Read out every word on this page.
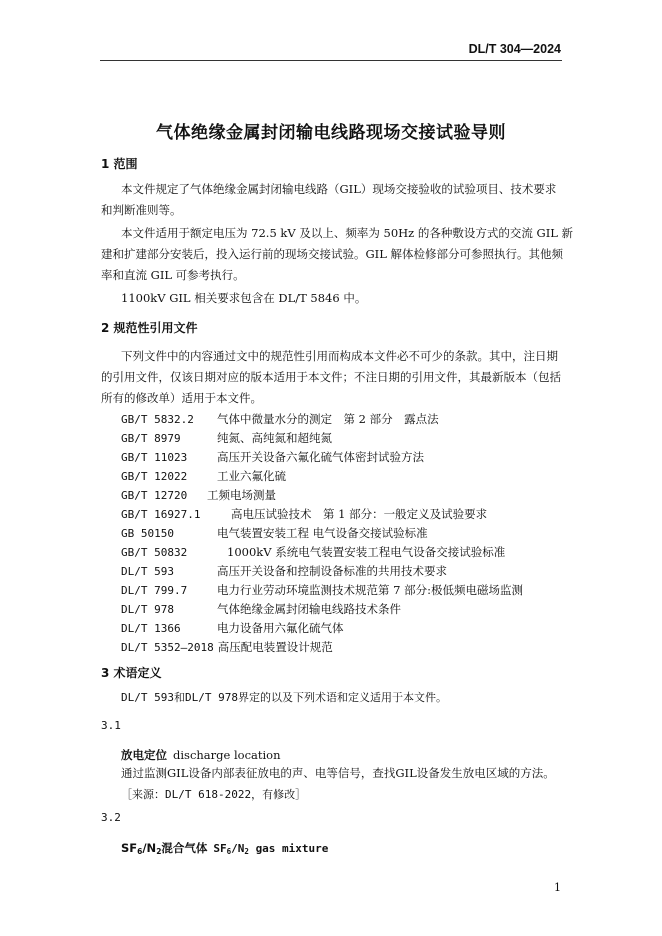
DL/T 304—2024
气体绝缘金属封闭输电线路现场交接试验导则
1 范围
本文件规定了气体绝缘金属封闭输电线路（GIL）现场交接验收的试验项目、技术要求
和判断准则等。
本文件适用于额定电压为 72.5 kV 及以上、频率为 50Hz 的各种敷设方式的交流 GIL 新
建和扩建部分安装后，投入运行前的现场交接试验。GIL 解体检修部分可参照执行。其他频
率和直流 GIL 可参考执行。
1100kV GIL 相关要求包含在 DL/T 5846 中。
2 规范性引用文件
下列文件中的内容通过文中的规范性引用而构成本文件必不可少的条款。其中，注日期
的引用文件，仅该日期对应的版本适用于本文件；不注日期的引用文件，其最新版本（包括
所有的修改单）适用于本文件。
GB/T 5832.2 气体中微量水分的测定　第 2 部分　露点法
GB/T 8979	纯氮、高纯氮和超纯氮
GB/T 11023	高压开关设备六氟化硫气体密封试验方法
GB/T 12022	工业六氟化硫
GB/T 12720 工频电场测量
GB/T 16927.1	高电压试验技术　第 1 部分：一般定义及试验要求
GB 50150	电气装置安装工程 电气设备交接试验标准
GB/T 50832	1000kV 系统电气装置安装工程电气设备交接试验标准
DL/T 593	高压开关设备和控制设备标准的共用技术要求
DL/T 799.7	电力行业劳动环境监测技术规范第 7 部分:极低频电磁场监测
DL/T 978	气体绝缘金属封闭输电线路技术条件
DL/T 1366	电力设备用六氟化硫气体
DL/T 5352—2018 高压配电装置设计规范
3 术语定义
DL/T 593和DL/T 978界定的以及下列术语和定义适用于本文件。
3.1
放电定位 discharge location
通过监测GIL设备内部表征放电的声、电等信号，查找GIL设备发生放电区域的方法。
［来源：DL/T 618-2022，有修改］
3.2
$SF_6/N_2$混合气体 $SF_6/N_2$ gas mixture
1
